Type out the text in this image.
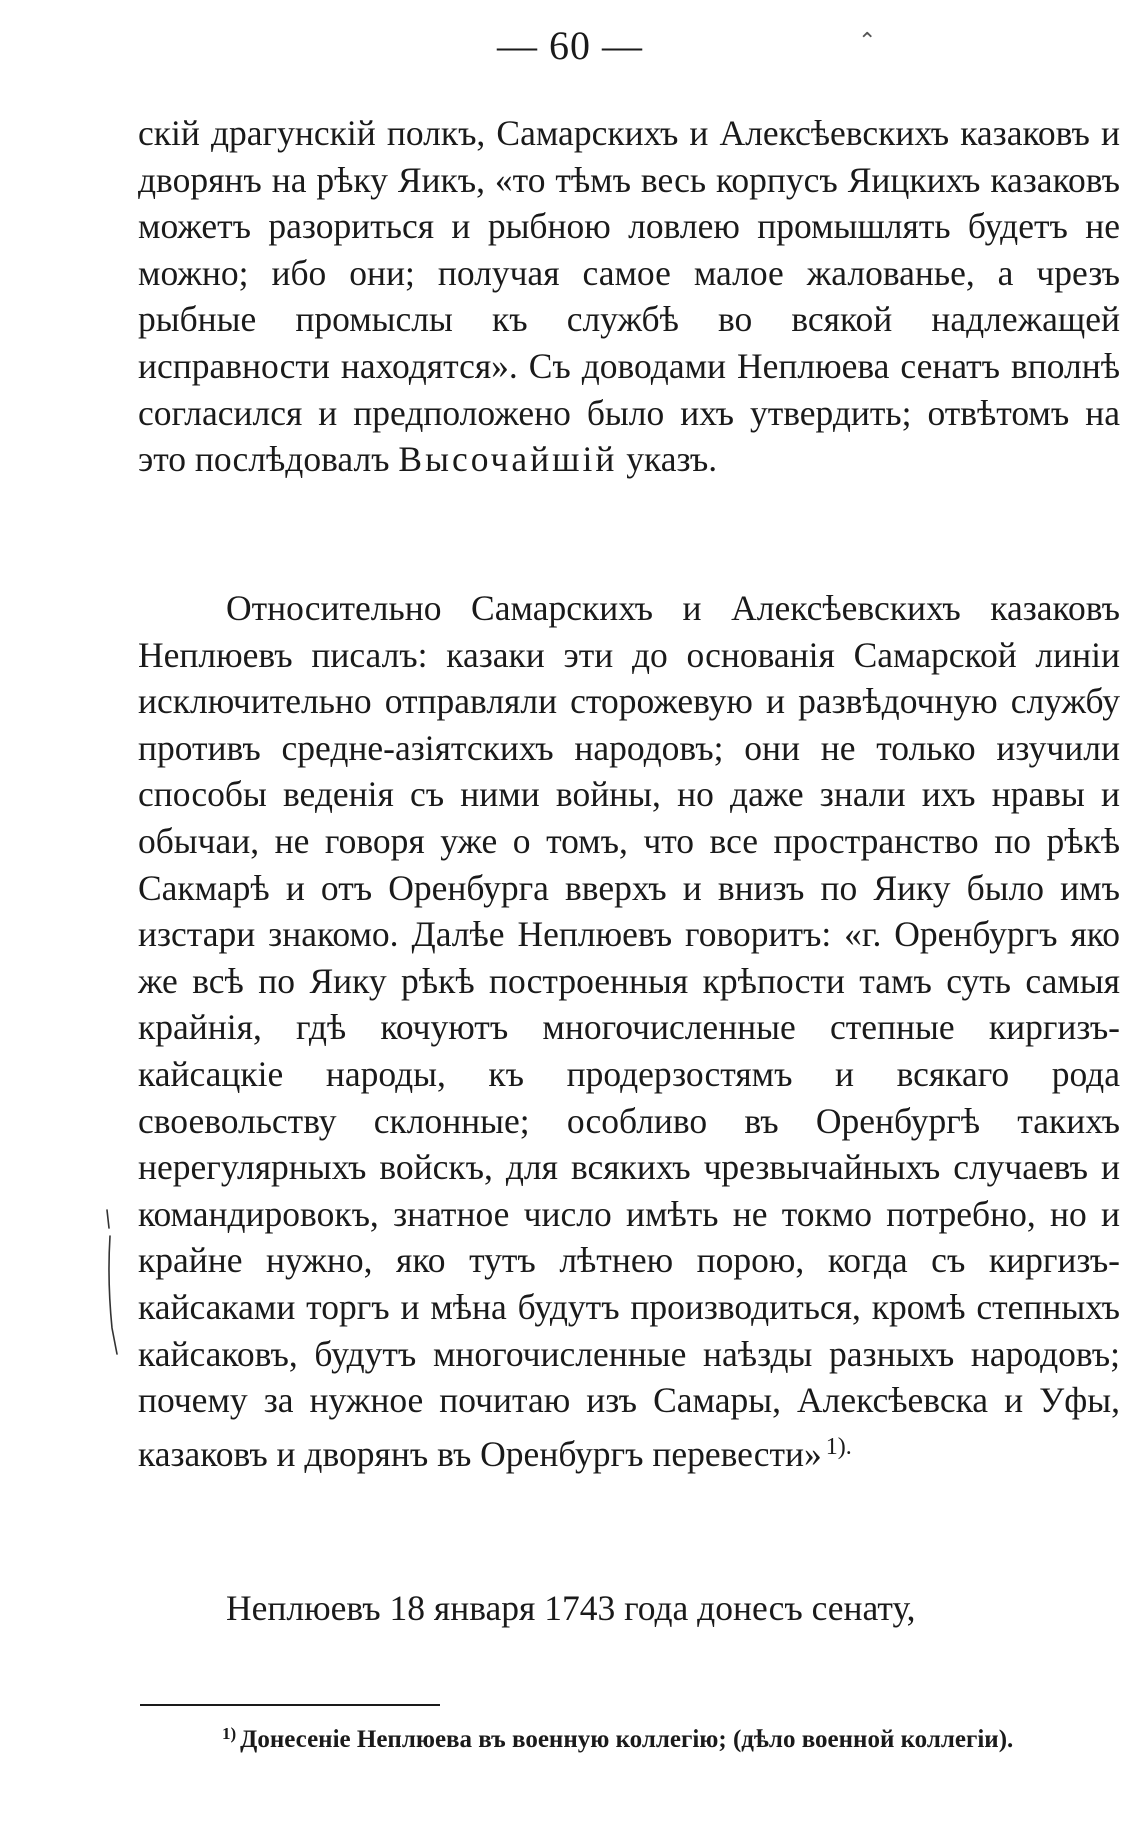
— 60 —	⌃
скій драгунскій полкъ, Самарскихъ и Алексѣевскихъ казаковъ и дворянъ на рѣку Яикъ, «то тѣмъ весь корпусъ Яицкихъ казаковъ можетъ разориться и рыбною ловлею промышлять будетъ не можно; ибо они; получая самое малое жалованье, а чрезъ рыбные промыслы къ службѣ во всякой надлежащей исправности находятся». Съ доводами Неплюева сенатъ вполнѣ согласился и предположено было ихъ утвердить; отвѣтомъ на это послѣдовалъ Высочайшій указъ.
Относительно Самарскихъ и Алексѣевскихъ казаковъ Неплюевъ писалъ: казаки эти до основанія Самарской линіи исключительно отправляли сторожевую и развѣдочную службу противъ средне-азіятскихъ народовъ; они не только изучили способы веденія съ ними войны, но даже знали ихъ нравы и обычаи, не говоря уже о томъ, что все пространство по рѣкѣ Сакмарѣ и отъ Оренбурга вверхъ и внизъ по Яику было имъ изстари знакомо. Далѣе Неплюевъ говоритъ: «г. Оренбургъ яко же всѣ по Яику рѣкѣ построенныя крѣпости тамъ суть самыя крайнія, гдѣ кочуютъ многочисленные степные киргизъ-кайсацкіе народы, къ продерзостямъ и всякаго рода своевольству склонные; особливо въ Оренбургѣ такихъ нерегулярныхъ войскъ, для всякихъ чрезвычайныхъ случаевъ и командировокъ, знатное число имѣть не токмо потребно, но и крайне нужно, яко тутъ лѣтнею порою, когда съ киргизъ-кайсаками торгъ и мѣна будутъ производиться, кромѣ степныхъ кайсаковъ, будутъ многочисленные наѣзды разныхъ народовъ; почему за нужное почитаю изъ Самары, Алексѣевска и Уфы, казаковъ и дворянъ въ Оренбургъ перевести» $^{1).}$
Неплюевъ 18 января 1743 года донесъ сенату,
$^{1)}$ Донесеніе Неплюева въ военную коллегію; (дѣло военной коллегіи).
